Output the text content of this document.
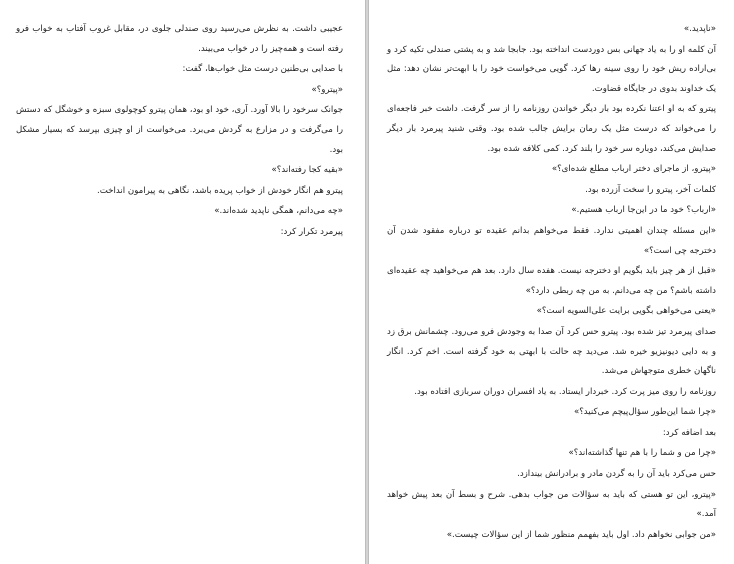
عجیبی داشت. به نظرش می‌رسید روی صندلی جلوی در، مقابل غروب آفتاب به خواب فرو رفته است و همه‌چیز را در خواب می‌بیند.

با صدایی بی‌طنین درست مثل خواب‌ها، گفت:

«پیترو؟»

جوانک سرخود را بالا آورد. آری، خود او بود، همان پیترو کوچولوی سبزه و خوشگل که دستش را می‌گرفت و در مزارع به گردش می‌برد. می‌خواست از او چیزی بپرسد که بسیار مشکل بود.

«بقیه کجا رفته‌اند؟»

پیترو هم انگار خودش از خواب پریده باشد، نگاهی به پیرامون انداخت.

«چه می‌دانم، همگی ناپدید شده‌اند.»

پیرمرد تکرار کرد:

«ناپدید.»

آن کلمه او را به یاد جهانی بس دوردست انداخته بود. جابجا شد و به پشتی صندلی تکیه کرد و بی‌اراده ریش خود را روی سینه رها کرد. گویی می‌خواست خود را با ابهت‌تر نشان دهد: مثل یک خداوند بدوی در جایگاه قضاوت.

پیترو که به او اعتنا نکرده بود بار دیگر خواندن روزنامه را از سر گرفت. داشت خبر فاجعه‌ای را می‌خواند که درست مثل یک رمان برایش جالب شده بود. وقتی شنید پیرمرد بار دیگر صدایش می‌کند، دوباره سر خود را بلند کرد. کمی کلافه شده بود.

«پیترو، از ماجرای دختر ارباب مطلع شده‌ای؟»

کلمات آخر، پیترو را سخت آزرده بود.

«ارباب؟ خود ما در این‌جا ارباب هستیم.»

«این مسئله چندان اهمیتی ندارد. فقط می‌خواهم بدانم عقیده تو درباره مفقود شدن آن دخترجه چی است؟»

«قبل از هر چیز باید بگویم او دخترجه نیست. هفده سال دارد. بعد هم می‌خواهید چه عقیده‌ای داشته باشم؟ من چه می‌دانم. به من چه ربطی دارد؟»

«یعنی می‌خواهی بگویی برایت علی‌السویه است؟»

صدای پیرمرد تیز شده بود. پیترو حس کرد آن صدا به وجودش فرو می‌رود. چشمانش برق زد و به دایی دیونیزیو خیره شد. می‌دید چه حالت با ابهتی به خود گرفته است. اخم کرد. انگار ناگهان خطری متوجهاش می‌شد.

روزنامه را روی میز پرت کرد. خبردار ایستاد. به یاد افسران دوران سربازی افتاده بود.

«چرا شما این‌طور سؤال‌پیچم می‌کنید؟»

بعد اضافه کرد:

«چرا من و شما را با هم تنها گذاشته‌اند؟»

حس می‌کرد باید آن را به گردن مادر و برادرانش بیندازد.

«پیترو، این تو هستی که باید به سؤالات من جواب بدهی. شرح و بسط آن بعد پیش خواهد آمد.»

«من جوابی نخواهم داد. اول باید بفهمم منظور شما از این سؤالات چیست.»
